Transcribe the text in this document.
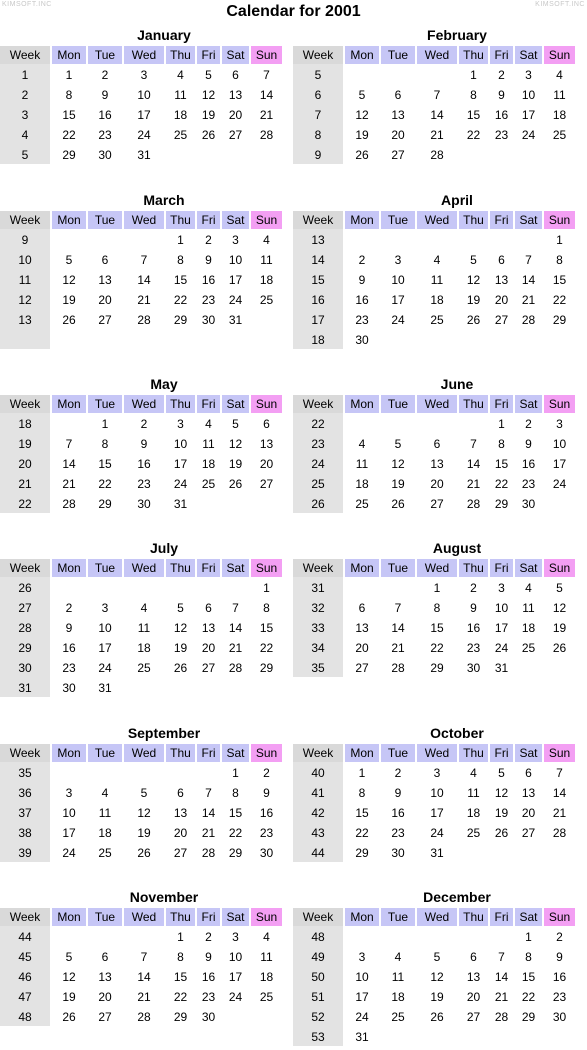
KIMSOFT.INC	KIMSOFT.INC
Calendar for 2001
January
Week	Mon	Tue	Wed	Thu	Fri	Sat	Sun
1	1	2	3	4	5	6	7
2	8	9	10	11	12	13	14
3	15	16	17	18	19	20	21
4	22	23	24	25	26	27	28
5	29	30	31				
February
Week	Mon	Tue	Wed	Thu	Fri	Sat	Sun
5				1	2	3	4
6	5	6	7	8	9	10	11
7	12	13	14	15	16	17	18
8	19	20	21	22	23	24	25
9	26	27	28				
March
Week	Mon	Tue	Wed	Thu	Fri	Sat	Sun
9				1	2	3	4
10	5	6	7	8	9	10	11
11	12	13	14	15	16	17	18
12	19	20	21	22	23	24	25
13	26	27	28	29	30	31	

April
Week	Mon	Tue	Wed	Thu	Fri	Sat	Sun
13							1
14	2	3	4	5	6	7	8
15	9	10	11	12	13	14	15
16	16	17	18	19	20	21	22
17	23	24	25	26	27	28	29
18	30						
May
Week	Mon	Tue	Wed	Thu	Fri	Sat	Sun
18		1	2	3	4	5	6
19	7	8	9	10	11	12	13
20	14	15	16	17	18	19	20
21	21	22	23	24	25	26	27
22	28	29	30	31			
June
Week	Mon	Tue	Wed	Thu	Fri	Sat	Sun
22					1	2	3
23	4	5	6	7	8	9	10
24	11	12	13	14	15	16	17
25	18	19	20	21	22	23	24
26	25	26	27	28	29	30	
July
Week	Mon	Tue	Wed	Thu	Fri	Sat	Sun
26							1
27	2	3	4	5	6	7	8
28	9	10	11	12	13	14	15
29	16	17	18	19	20	21	22
30	23	24	25	26	27	28	29
31	30	31					
August
Week	Mon	Tue	Wed	Thu	Fri	Sat	Sun
31			1	2	3	4	5
32	6	7	8	9	10	11	12
33	13	14	15	16	17	18	19
34	20	21	22	23	24	25	26
35	27	28	29	30	31		
September
Week	Mon	Tue	Wed	Thu	Fri	Sat	Sun
35						1	2
36	3	4	5	6	7	8	9
37	10	11	12	13	14	15	16
38	17	18	19	20	21	22	23
39	24	25	26	27	28	29	30
October
Week	Mon	Tue	Wed	Thu	Fri	Sat	Sun
40	1	2	3	4	5	6	7
41	8	9	10	11	12	13	14
42	15	16	17	18	19	20	21
43	22	23	24	25	26	27	28
44	29	30	31				
November
Week	Mon	Tue	Wed	Thu	Fri	Sat	Sun
44				1	2	3	4
45	5	6	7	8	9	10	11
46	12	13	14	15	16	17	18
47	19	20	21	22	23	24	25
48	26	27	28	29	30		
December
Week	Mon	Tue	Wed	Thu	Fri	Sat	Sun
48						1	2
49	3	4	5	6	7	8	9
50	10	11	12	13	14	15	16
51	17	18	19	20	21	22	23
52	24	25	26	27	28	29	30
53	31						
